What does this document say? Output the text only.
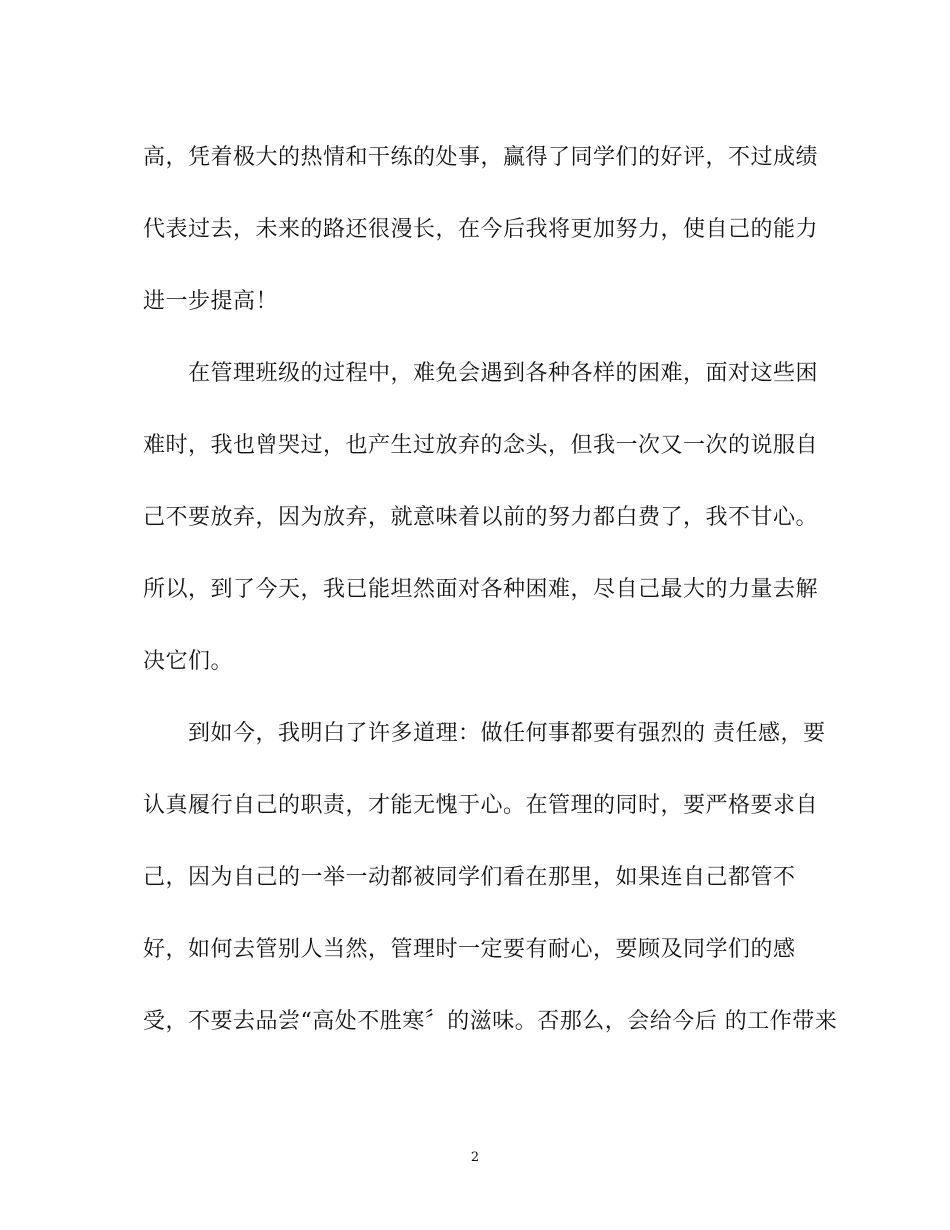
高，凭着极大的热情和干练的处事，赢得了同学们的好评，不过成绩
代表过去，未来的路还很漫长，在今后我将更加努力，使自己的能力
进一步提高！
　　在管理班级的过程中，难免会遇到各种各样的困难，面对这些困
难时，我也曾哭过，也产生过放弃的念头，但我一次又一次的说服自
己不要放弃，因为放弃，就意味着以前的努力都白费了，我不甘心。
所以，到了今天，我已能坦然面对各种困难，尽自己最大的力量去解
决它们。
　　到如今，我明白了许多道理：做任何事都要有强烈的 责任感，要
认真履行自己的职责，才能无愧于心。在管理的同时，要严格要求自
己，因为自己的一举一动都被同学们看在那里，如果连自己都管不
好，如何去管别人当然，管理时一定要有耐心，要顾及同学们的感
受，不要去品尝“高处不胜寒〞的滋味。否那么，会给今后 的工作带来
2
